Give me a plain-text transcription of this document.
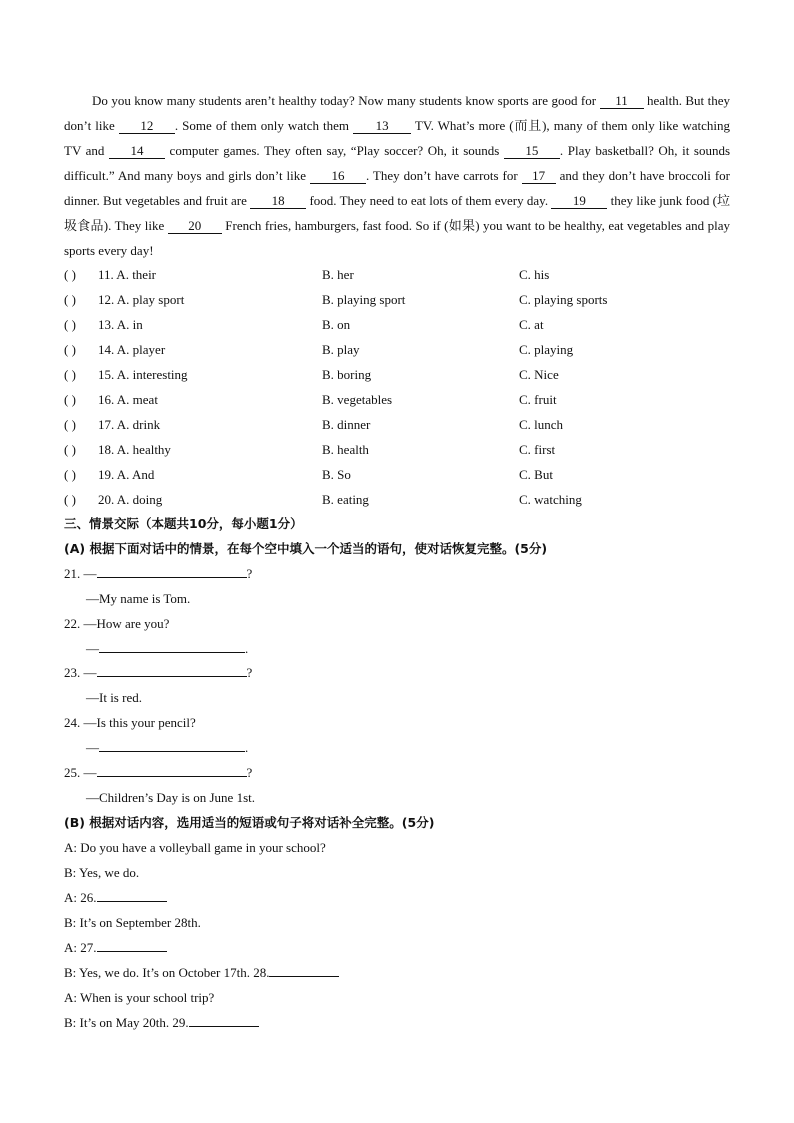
Do you know many students aren’t healthy today? Now many students know sports are good for 11 health. But they don’t like 12 . Some of them only watch them 13 TV. What’s more (而且), many of them only like watching TV and 14 computer games. They often say, “Play soccer? Oh, it sounds 15 . Play basketball? Oh, it sounds difficult.” And many boys and girls don’t like 16 . They don’t have carrots for 17 and they don’t have broccoli for dinner. But vegetables and fruit are 18 food. They need to eat lots of them every day. 19 they like junk food (垃圾食品). They like 20 French fries, hamburgers, fast food. So if (如果) you want to be healthy, eat vegetables and play sports every day!

( ) 11. A. their	B. her	C. his
( ) 12. A. play sport	B. playing sport	C. playing sports
( ) 13. A. in	B. on	C. at
( ) 14. A. player	B. play	C. playing
( ) 15. A. interesting	B. boring	C. Nice
( ) 16. A. meat	B. vegetables	C. fruit
( ) 17. A. drink	B. dinner	C. lunch
( ) 18. A. healthy	B. health	C. first
( ) 19. A. And	B. So	C. But
( ) 20. A. doing	B. eating	C. watching
三、情景交际（本题共10分，每小题1分）
(A) 根据下面对话中的情景，在每个空中填入一个适当的语句，使对话恢复完整。(5分)
21. —	?
—My name is Tom.
22. —How are you?
—	.
23. —	?
—It is red.
24. —Is this your pencil?
—	.
25. —	?
—Children’s Day is on June 1st.
(B) 根据对话内容，选用适当的短语或句子将对话补全完整。(5分)
A: Do you have a volleyball game in your school?
B: Yes, we do.
A: 26.
B: It’s on September 28th.
A: 27.
B: Yes, we do. It’s on October 17th. 28.
A: When is your school trip?
B: It’s on May 20th. 29.
